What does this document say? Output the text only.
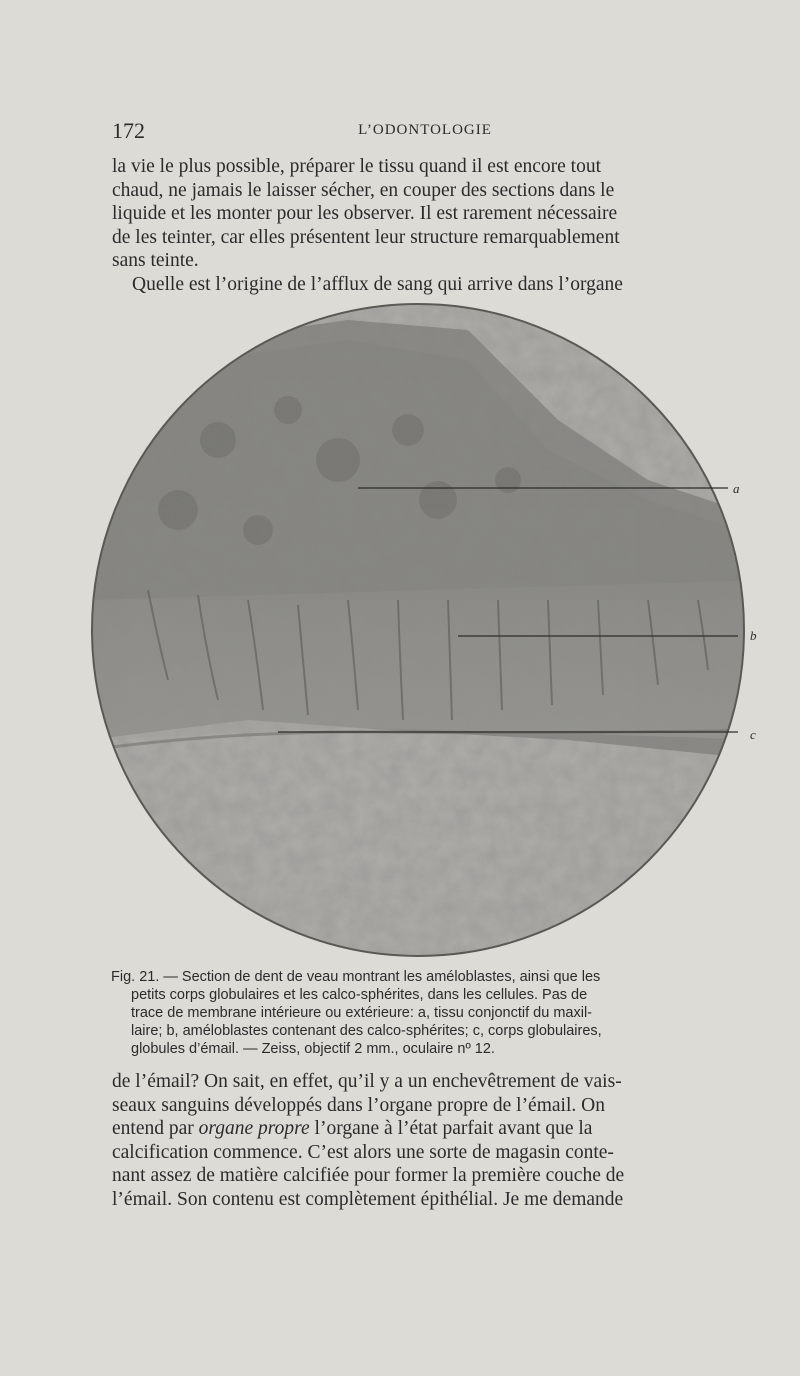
172	L’ODONTOLOGIE
la vie le plus possible, préparer le tissu quand il est encore tout
chaud, ne jamais le laisser sécher, en couper des sections dans le
liquide et les monter pour les observer. Il est rarement nécessaire
de les teinter, car elles présentent leur structure remarquablement
sans teinte.
Quelle est l’origine de l’afflux de sang qui arrive dans l’organe
a
b
c
Fig. 21. — Section de dent de veau montrant les améloblastes, ainsi que les
petits corps globulaires et les calco-sphérites, dans les cellules. Pas de
trace de membrane intérieure ou extérieure: a, tissu conjonctif du maxil-
laire; b, améloblastes contenant des calco-sphérites; c, corps globulaires,
globules d’émail. — Zeiss, objectif 2 mm., oculaire nº 12.
de l’émail? On sait, en effet, qu’il y a un enchevêtrement de vais-
seaux sanguins développés dans l’organe propre de l’émail. On
entend par organe propre l’organe à l’état parfait avant que la
calcification commence. C’est alors une sorte de magasin conte-
nant assez de matière calcifiée pour former la première couche de
l’émail. Son contenu est complètement épithélial. Je me demande
